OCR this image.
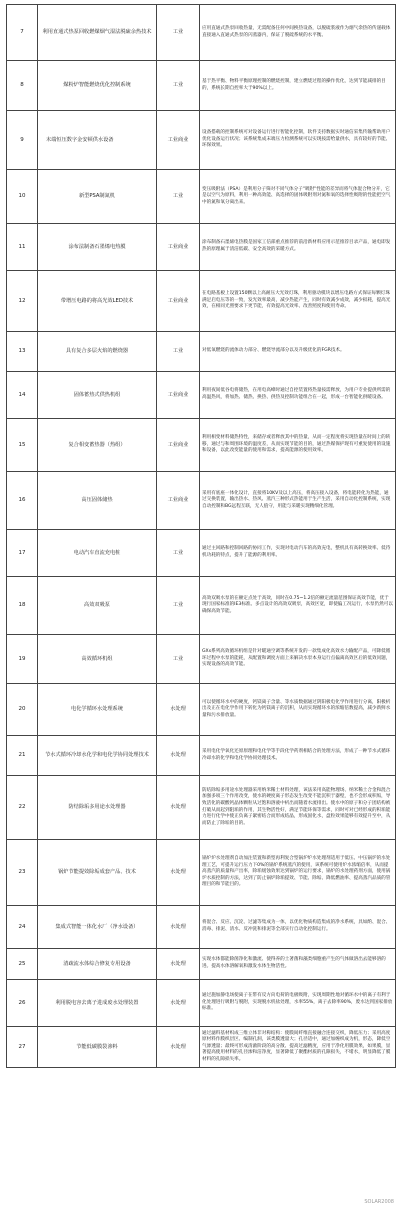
7	利用直通式热泵回收燃煤烟气湿法脱硫余热技术	工业	应用直通式热泵回收热量，无需配备任何中间换热设备，以脱硫浆液作为烟气余热的传递载体直接通入直通式热泵的闪蒸器内，保证了脱硫系统的水平衡。
8	煤粉炉智能燃烧优化控制系统	工业	基于热平衡、物料平衡原理控制的燃烧控制，建立燃烧过程的操作优化，达到节能减排的目的，系统长期自控率大于90%以上。
9	末端恒压数字金安顿供水设备	工业商业	设备搭载的控制系统可对设备运行进行智能化控制，软件支持数据实时通信采集传输帮助用户优化设备运行状况；该系统集成末端压力检测系统可以实现按需给量供水，具有较好的节能、环保效果。
10	新型PSA制氮机	工业	变压吸附法（PSA）是利用分子筛对不同气体分子"吸附"性能的差异而将气体混合物分开，它是以空气为原料，利用一种高效能、高选择的固体吸附剂对氮和氧的选择性吸附的性能把空气中的氮和氧分离出来。
11	涂布法制备石墨烯电热膜	工业商业	涂布制备石墨烯电热膜是国家工信部重点推荐的前沿新材料应用示范推荐目录产品，通电即发热的原理属于清洁低碳、安全高效的采暖方式。
12	带增压电路的将高光效LED技术	工业商业	在电路基板上设置150颗以上高耐压大光效灯珠，利用驱动模块以增压电路方式保证每颗灯珠满足启电压等的一致，发光效率最高，减少热能产生，同时有效减少成效，减少损耗，提高光效，在相同光照要求下更节能，有效提高光效率、改善照度和使用寿命。
13	具有复合多层火焰的燃烧器	工业	对低氧燃烧的流体动力部分、燃烧导流部分以及升级优化的FGR技术。
14	固体蓄热式供热机组	工业商业	利用夜间低谷电将储热，在用电高峰时通过自控装置将热量按需释放，为用户专业提供所需的高温热风，将加热、储热、换热、供热及控制功能组合在一起，形成一台智能化供暖设备。
15	复合相变蓄热器（热组）	工业商业	利用相变材料储热特性，来储存或者释放其中的热量，从而一定程度将实现热量在时间上的转移，通过与和周围环境的温度差，从而实现节能的目的，通过热媒保护现有可重复使用的设施和设备，以此改变能量的使用和需求，提高能源的使用效率。
16	高压固体储热	工业商业	采用有底座一体化设计，直接将10KV及以上高压，将高压接入设备，将电能转化为热能，通过交换装置，输出热水、热风、蒸汽三种形式热能用于生产生活，采用自动化控制系统，实现自动控制和BG远程互联，无人值守，用能与采暖实现精细化管理。
17	电动汽车直流充电桩	工业	通过主回路和控制回路的协同工作，实现对电动汽车的高效充电，整机具有高转换效率、低待机功耗的特点，提升了能源的利用率。
18	高效双吸泵	工业	高效双吸水泵的在额定点处于高效，同时在0.75~1.2倍的额定流量范围保证高效节能，优于现行国家标准的IE3标准。多点设计的高效双吸泵，高效区宽，即使偏工况运行，水泵仍然可以确保高效节能。
19	高效循环机组	工业	GXs系列高效循环机组是针对暖通空调等系统开发的一款集成化高效水力输配产品，可降低循环过程中水泵的能耗，从配置和调度方面上来解决水泵本身运行点偏离高效区后的低效问题，实现设备的高效节能。
20	电化学循环水处理系统	水处理	可以使循环水中的硬度，钙镁离子含量、等水质数据通过阴阳极电化学作用进行分离，阳极析出及正在电化学作用下转化为钙镁离子的沉积，从而实现循环水的浓缩倍数提高，减少新鲜水量和污水排放量。
21	节水式循环冷却水化学和电化学协同处理技术	水处理	采用电化学氧化还原原理和电化学等手段化学药剂相结合的处理方法，形成了一种节水式循环冷却水的化学和电化学协同处理技术。
22	防结除垢多用途水处理器	水处理	防结除垢多用途水处理器采用纳米稀土材料处理，该法采用高能物理场、纳米稀土合金和混合加强多项三个作用改变，使水的硬度离子形态发生改变不能沉积于器壁，也不会形成积垢，导致活化的碳酸钙晶体颗粒从过饱和溶液中析出而随着水流排出。使水中的原子和分子团结构被打破从而起到阻垢的作用，其生物活性好，满足节能环保等需求，同时可对已经形成的积垢能力进行化学中使正负离子紧密结合而形成结晶，形成固化水，盘粒效果能够有效提升至中，从而防止了除垢的目的。
23	锅炉节能提效除垢成套产品、技术	水处理	锅炉炉水处理剂自动加注装置和新型再利复合型锅炉炉水处理剂适用于低压、中压锅炉的水处理工艺，可提升运行压力下0%的锅炉系统蒸汽的使用，该系统可使用炉水浓缩倍率，从而提高蒸汽的质量和产出率，除垢缓蚀效果达到锅炉的运行要求，锅炉的水处理药剂方面，使用锅炉水质控制的方法，达到了防止锅炉除垢提效、节能、除垢、降低燃油率、提高蒸汽品质的管理目的和节能目的。
24	集成式智能一体化水厂（净水设备）	水处理	将混合、反应、沉淀、过滤等集成为一体，以优化物质构造集成的净水系统，具如酌、混合、消毒、排泥、清水、反冲洗和排泥等全部实行自动化控制运行。
25	清疏流水体综合修复专用设备	水处理	实现水体都能除菌净化和激流、使得养的土著菌和藻类细胞重产生的气体做溶出去能够溶的进。提高水体溶解氧和激发水体生物活性。
26	利用脱电容去离子进成废水处理装置	水处理	通过施加静电场使离子在带有反方向电荷的电极吸附，实现周期性地对循环水中的离子有利于化处理进行吸附与脱附，实现脱水机盐处理，水率55%，离子去除率90%，废水达到国家排放标准。
27	节能低碳膜袋渗料	水处理	通过滤料基材织成三维立体非对称结构：使膜间纤维直接融合连接交织，降低压力；采用高度原材料作膜织层区、编制孔洞，该类膜透量大；孔径适中，通过加缠织成为机，形态，降低空气渗透量；最终可形成清澈阶段的高分散、提高过滤精度，应用于净化用膜效果，如果膜，显著提高使用材料的孔径渗和洁净度，显著降低了聚酯材质的孔隙损失，不堵水，明显降低了膜材料的孔隙损失率。
SOLAR2008
